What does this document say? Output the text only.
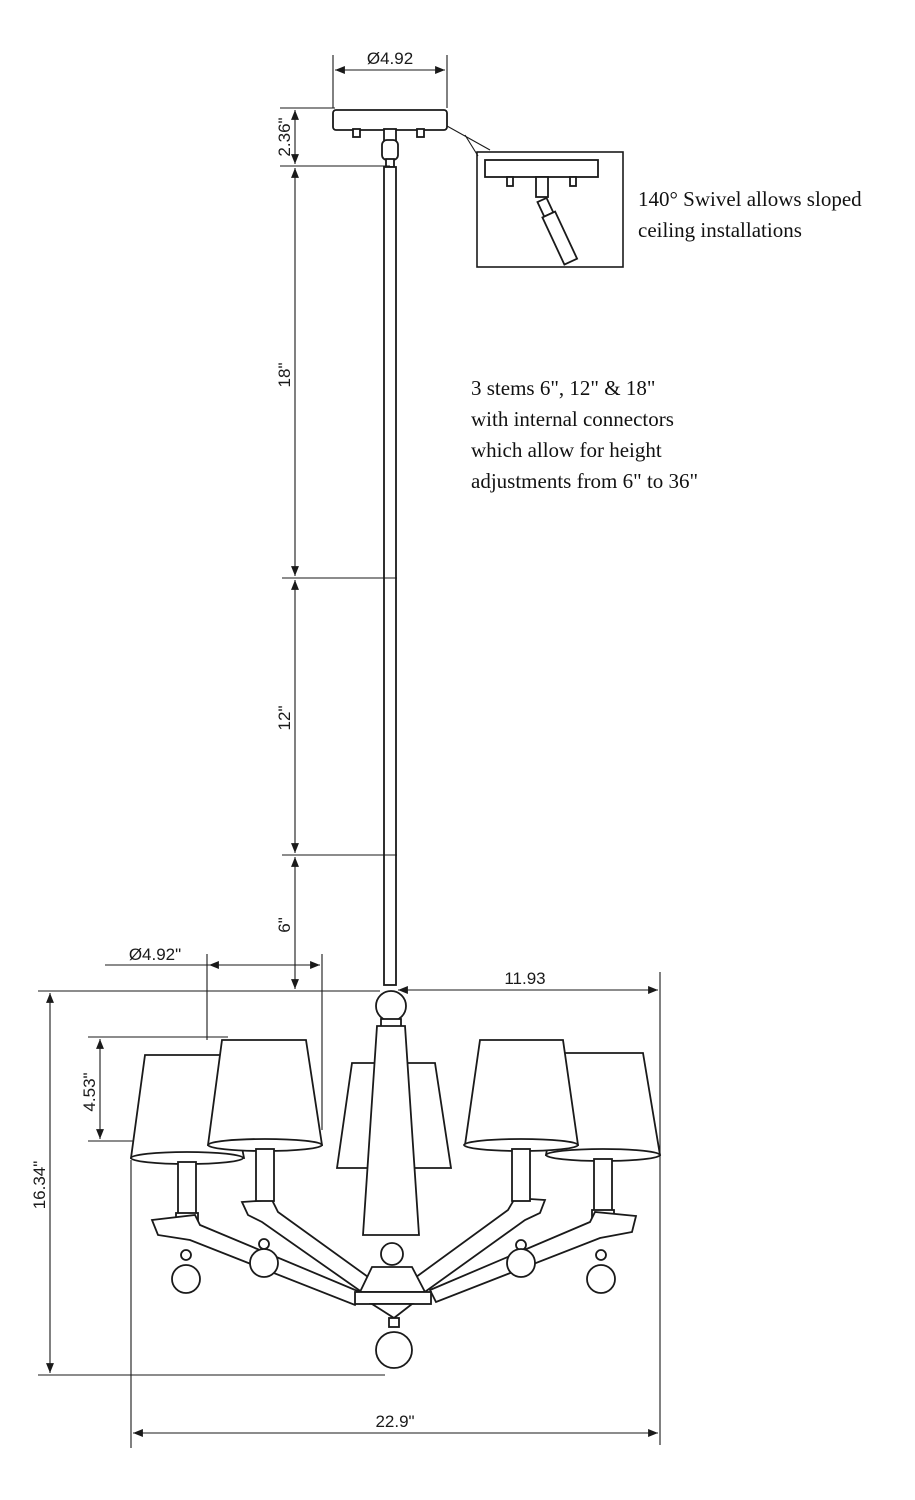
Ø4.92
2.36"
18"
12"
6"
Ø4.92"
11.93
4.53"
16.34"
22.9"

140° Swivel allows sloped
ceiling installations

3 stems 6", 12" & 18"
with internal connectors
which allow for height
adjustments from 6" to 36"
